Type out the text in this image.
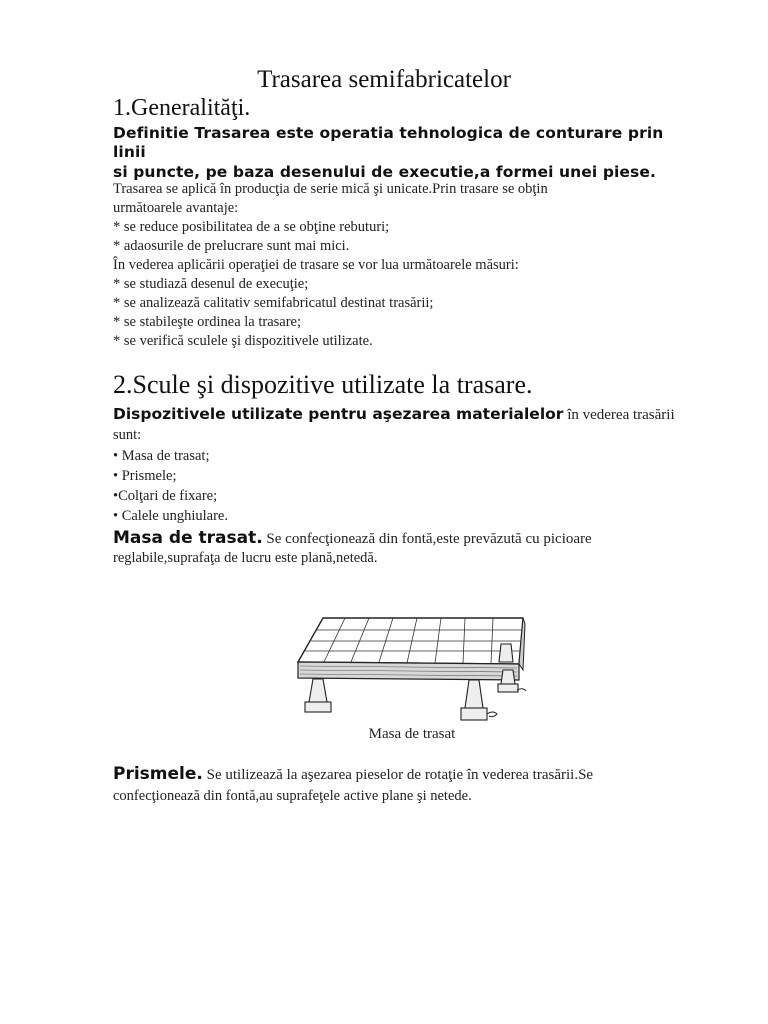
Trasarea semifabricatelor
1.Generalităţi.
Definitie Trasarea este operatia tehnologica de conturare prin
linii
si puncte, pe baza desenului de executie,a formei unei piese.
Trasarea se aplică în producţia de serie mică şi unicate.Prin trasare se obţin
următoarele avantaje:
* se reduce posibilitatea de a se obţine rebuturi;
* adaosurile de prelucrare sunt mai mici.
În vederea aplicării operaţiei de trasare se vor lua următoarele măsuri:
* se studiază desenul de execuţie;
* se analizează calitativ semifabricatul destinat trasării;
* se stabileşte ordinea la trasare;
* se verifică sculele şi dispozitivele utilizate.
2.Scule şi dispozitive utilizate la trasare.
Dispozitivele utilizate pentru aşezarea materialelor în vederea trasării
sunt:
• Masa de trasat;
• Prismele;
•Colţari de fixare;
• Calele unghiulare.
Masa de trasat. Se confecţionează din fontă,este prevăzută cu picioare
reglabile,suprafaţa de lucru este plană,netedă.
Masa de trasat
Prismele. Se utilizează la aşezarea pieselor de rotaţie în vederea trasării.Se
confecţionează din fontă,au suprafeţele active plane şi netede.
